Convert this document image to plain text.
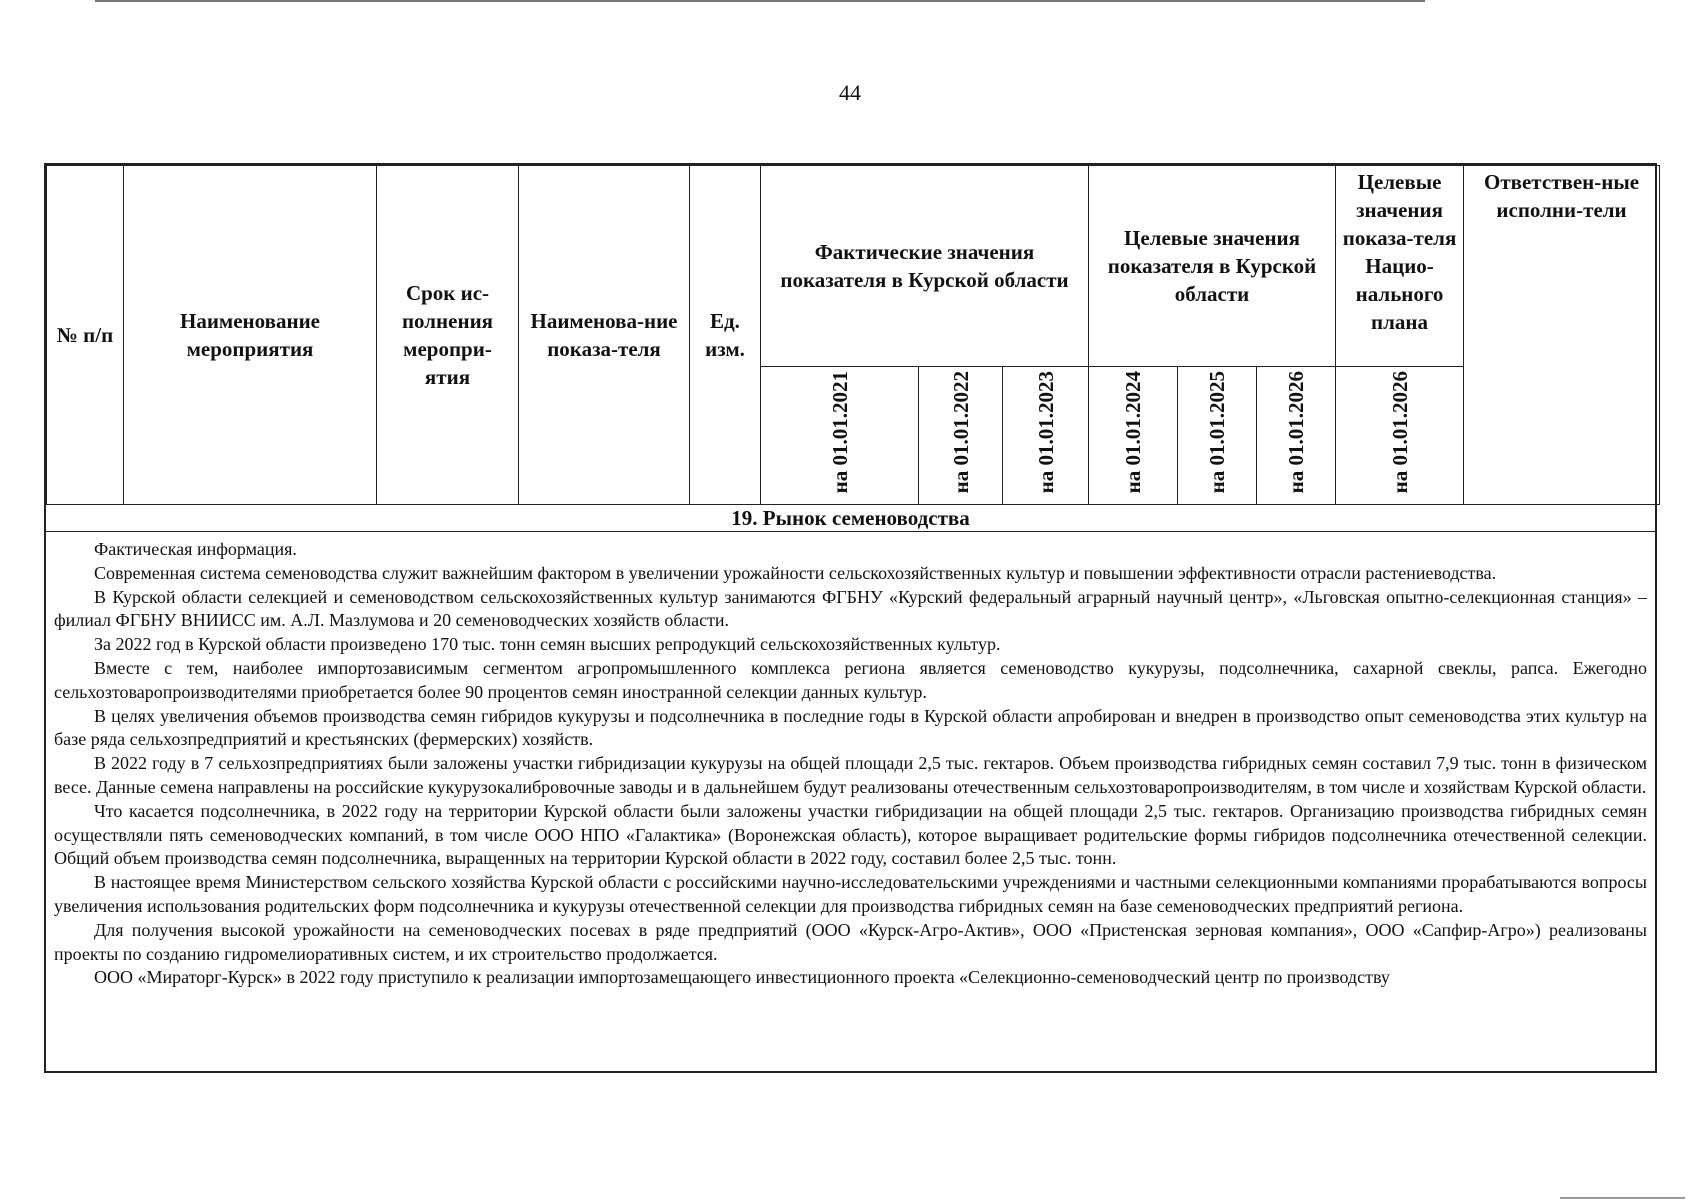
44
№ п/п	Наименование мероприятия	Срок ис-полнения меропри-ятия	Наименова-ние показа-теля	Ед. изм.	Фактические значения показателя в Курской области			Целевые значения показателя в Курской области			Целевые значения показа-теля Нацио-нального плана	Ответствен-ные исполни-тели
					на 01.01.2021	на 01.01.2022	на 01.01.2023	на 01.01.2024	на 01.01.2025	на 01.01.2026	на 01.01.2026	
19. Рынок семеноводства

Фактическая информация.

Современная система семеноводства служит важнейшим фактором в увеличении урожайности сельскохозяйственных культур и повышении эффективности отрасли растениеводства.

В Курской области селекцией и семеноводством сельскохозяйственных культур занимаются ФГБНУ «Курский федеральный аграрный научный центр», «Льговская опытно-селекционная станция» – филиал ФГБНУ ВНИИСС им. А.Л. Мазлумова и 20 семеноводческих хозяйств области.

За 2022 год в Курской области произведено 170 тыс. тонн семян высших репродукций сельскохозяйственных культур.

Вместе с тем, наиболее импортозависимым сегментом агропромышленного комплекса региона является семеноводство кукурузы, подсолнечника, сахарной свеклы, рапса. Ежегодно сельхозтоваропроизводителями приобретается более 90 процентов семян иностранной селекции данных культур.

В целях увеличения объемов производства семян гибридов кукурузы и подсолнечника в последние годы в Курской области апробирован и внедрен в производство опыт семеноводства этих культур на базе ряда сельхозпредприятий и крестьянских (фермерских) хозяйств.

В 2022 году в 7 сельхозпредприятиях были заложены участки гибридизации кукурузы на общей площади 2,5 тыс. гектаров. Объем производства гибридных семян составил 7,9 тыс. тонн в физическом весе. Данные семена направлены на российские кукурузокалибровочные заводы и в дальнейшем будут реализованы отечественным сельхозтоваропроизводителям, в том числе и хозяйствам Курской области.

Что касается подсолнечника, в 2022 году на территории Курской области были заложены участки гибридизации на общей площади 2,5 тыс. гектаров. Организацию производства гибридных семян осуществляли пять семеноводческих компаний, в том числе ООО НПО «Галактика» (Воронежская область), которое выращивает родительские формы гибридов подсолнечника отечественной селекции. Общий объем производства семян подсолнечника, выращенных на территории Курской области в 2022 году, составил более 2,5 тыс. тонн.

В настоящее время Министерством сельского хозяйства Курской области с российскими научно-исследовательскими учреждениями и частными селекционными компаниями прорабатываются вопросы увеличения использования родительских форм подсолнечника и кукурузы отечественной селекции для производства гибридных семян на базе семеноводческих предприятий региона.

Для получения высокой урожайности на семеноводческих посевах в ряде предприятий (ООО «Курск-Агро-Актив», ООО «Пристенская зерновая компания», ООО «Сапфир-Агро») реализованы проекты по созданию гидромелиоративных систем, и их строительство продолжается.

ООО «Мираторг-Курск» в 2022 году приступило к реализации импортозамещающего инвестиционного проекта «Селекционно-семеноводческий центр по производству
